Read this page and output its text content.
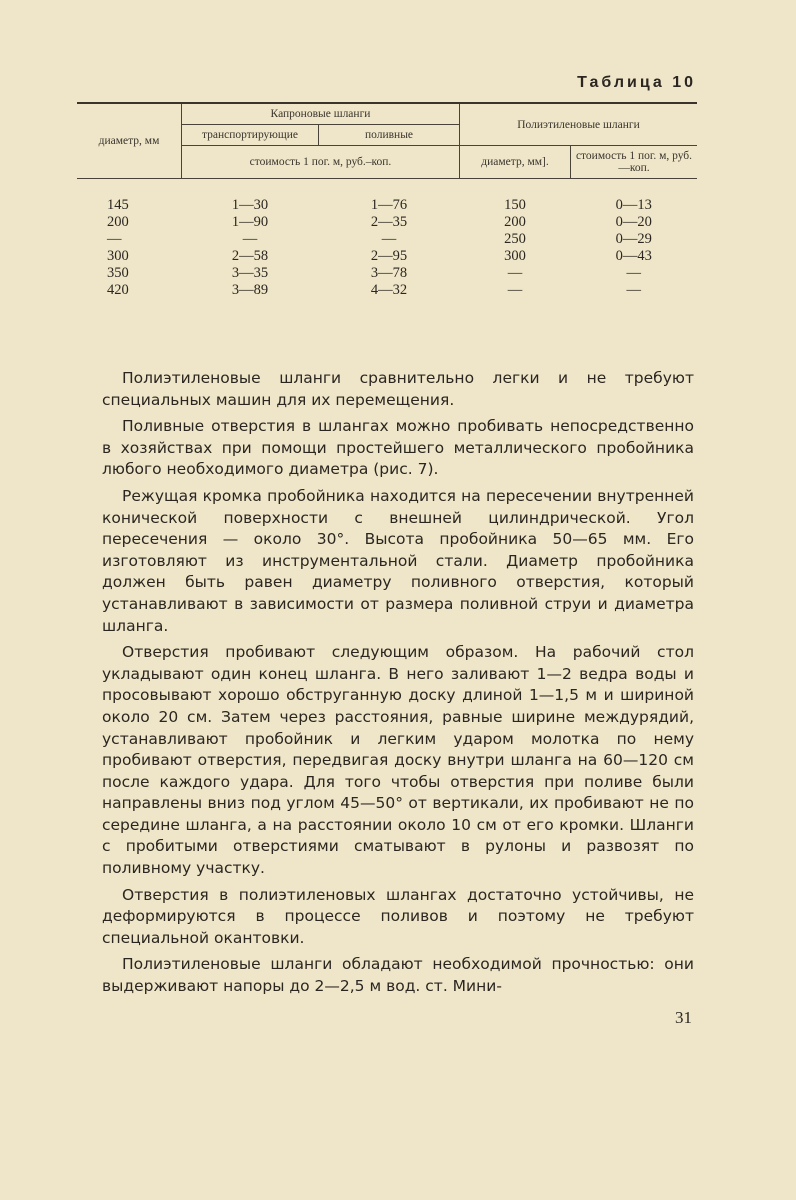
Таблица 10
диаметр, мм	Капроновые шланги		Полиэтиленовые шланги	
	транспортирующие	поливные		
	стоимость 1 пог. м, руб.–коп.		диаметр, мм].	стоимость 1 пог. м, руб.—коп.
145	1—30	1—76	150	0—13
200	1—90	2—35	200	0—20
—	—	—	250	0—29
300	2—58	2—95	300	0—43
350	3—35	3—78	—	—
420	3—89	4—32	—	—

Полиэтиленовые шланги сравнительно легки и не требуют специальных машин для их перемещения.

Поливные отверстия в шлангах можно пробивать непосредственно в хозяйствах при помощи простейшего металлического пробойника любого необходимого диаметра (рис. 7).

Режущая кромка пробойника находится на пересечении внутренней конической поверхности с внешней цилиндрической. Угол пересечения — около 30°. Высота пробойника 50—65 мм. Его изготовляют из инструментальной стали. Диаметр пробойника должен быть равен диаметру поливного отверстия, который устанавливают в зависимости от размера поливной струи и диаметра шланга.

Отверстия пробивают следующим образом. На рабочий стол укладывают один конец шланга. В него заливают 1—2 ведра воды и просовывают хорошо обструганную доску длиной 1—1,5 м и шириной около 20 см. Затем через расстояния, равные ширине междурядий, устанавливают пробойник и легким ударом молотка по нему пробивают отверстия, передвигая доску внутри шланга на 60—120 см после каждого удара. Для того чтобы отверстия при поливе были направлены вниз под углом 45—50° от вертикали, их пробивают не по середине шланга, а на расстоянии около 10 см от его кромки. Шланги с пробитыми отверстиями сматывают в рулоны и развозят по поливному участку.

Отверстия в полиэтиленовых шлангах достаточно устойчивы, не деформируются в процессе поливов и поэтому не требуют специальной окантовки.

Полиэтиленовые шланги обладают необходимой прочностью: они выдерживают напоры до 2—2,5 м вод. ст. Мини-

31
